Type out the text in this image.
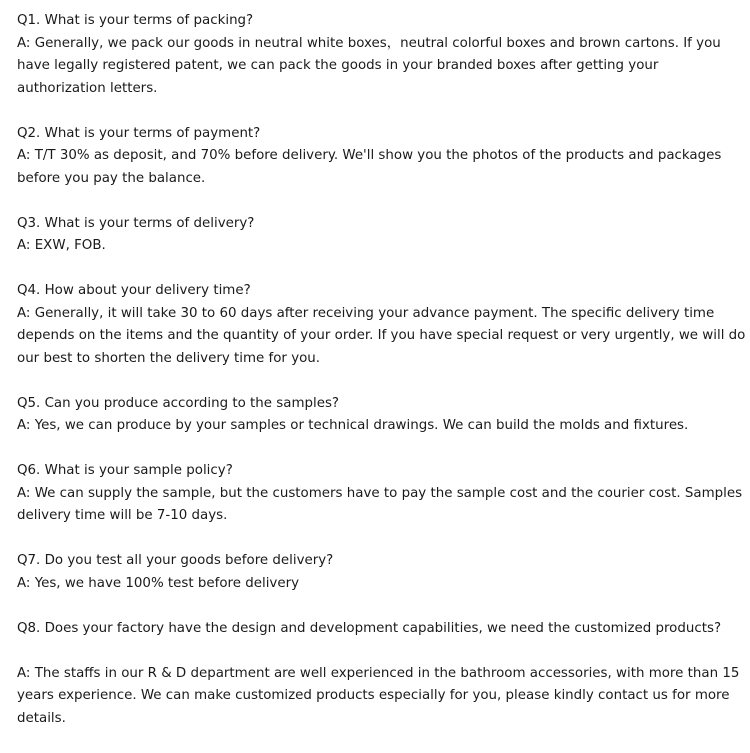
Q1. What is your terms of packing?

A: Generally, we pack our goods in neutral white boxes，neutral colorful boxes and brown cartons. If you have legally registered patent, we can pack the goods in your branded boxes after getting your authorization letters.

Q2. What is your terms of payment?

A: T/T 30% as deposit, and 70% before delivery. We'll show you the photos of the products and packages before you pay the balance.

Q3. What is your terms of delivery?

A: EXW, FOB.

Q4. How about your delivery time?

A: Generally, it will take 30 to 60 days after receiving your advance payment. The specific delivery time depends on the items and the quantity of your order. If you have special request or very urgently, we will do our best to shorten the delivery time for you.

Q5. Can you produce according to the samples?

A: Yes, we can produce by your samples or technical drawings. We can build the molds and fixtures.

Q6. What is your sample policy?

A: We can supply the sample, but the customers have to pay the sample cost and the courier cost. Samples delivery time will be 7-10 days.

Q7. Do you test all your goods before delivery?

A: Yes, we have 100% test before delivery

Q8. Does your factory have the design and development capabilities, we need the customized products?

A: The staffs in our R & D department are well experienced in the bathroom accessories, with more than 15 years experience. We can make customized products especially for you, please kindly contact us for more details.
